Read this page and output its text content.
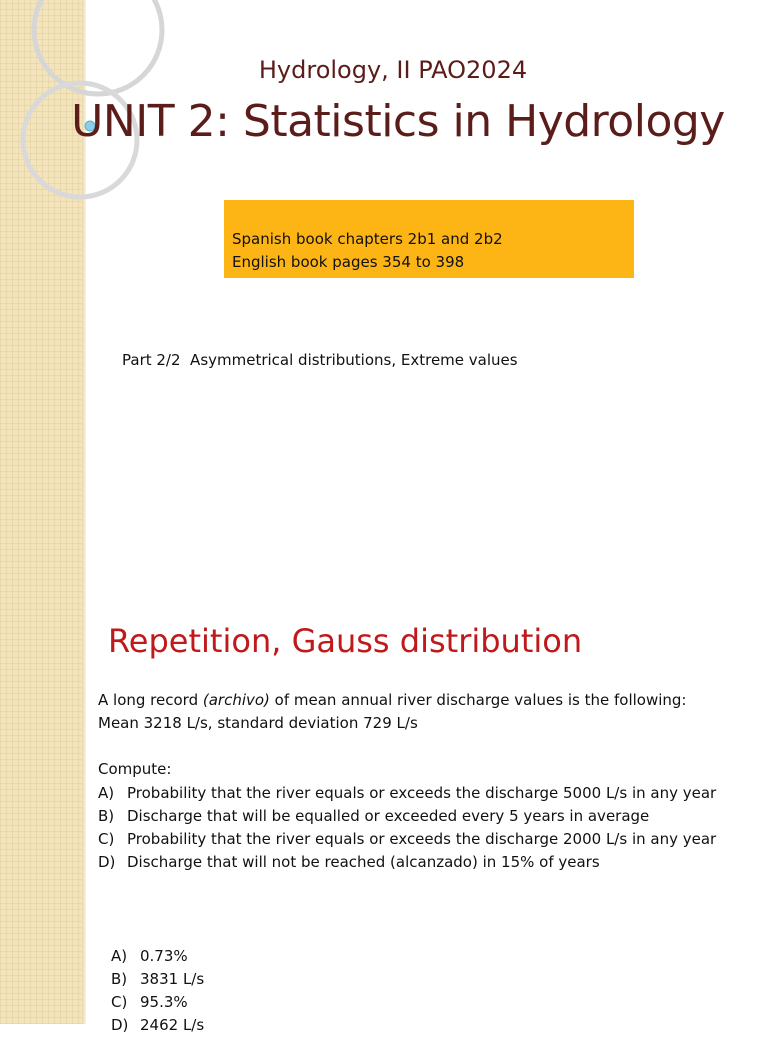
Hydrology, II PAO2024
UNIT 2: Statistics in Hydrology
Spanish book chapters 2b1 and 2b2
English book pages 354 to 398
Part 2/2  Asymmetrical distributions, Extreme values
Repetition, Gauss distribution
A long record (archivo) of mean annual river discharge values is the following:
Mean 3218 L/s, standard deviation 729 L/s
Compute:
A) Probability that the river equals or exceeds the discharge 5000 L/s in any year
B) Discharge that will be equalled or exceeded every 5 years in average
C) Probability that the river equals or exceeds the discharge 2000 L/s in any year
D) Discharge that will not be reached (alcanzado) in 15% of years
A) 0.73%
B) 3831 L/s
C) 95.3%
D) 2462 L/s
